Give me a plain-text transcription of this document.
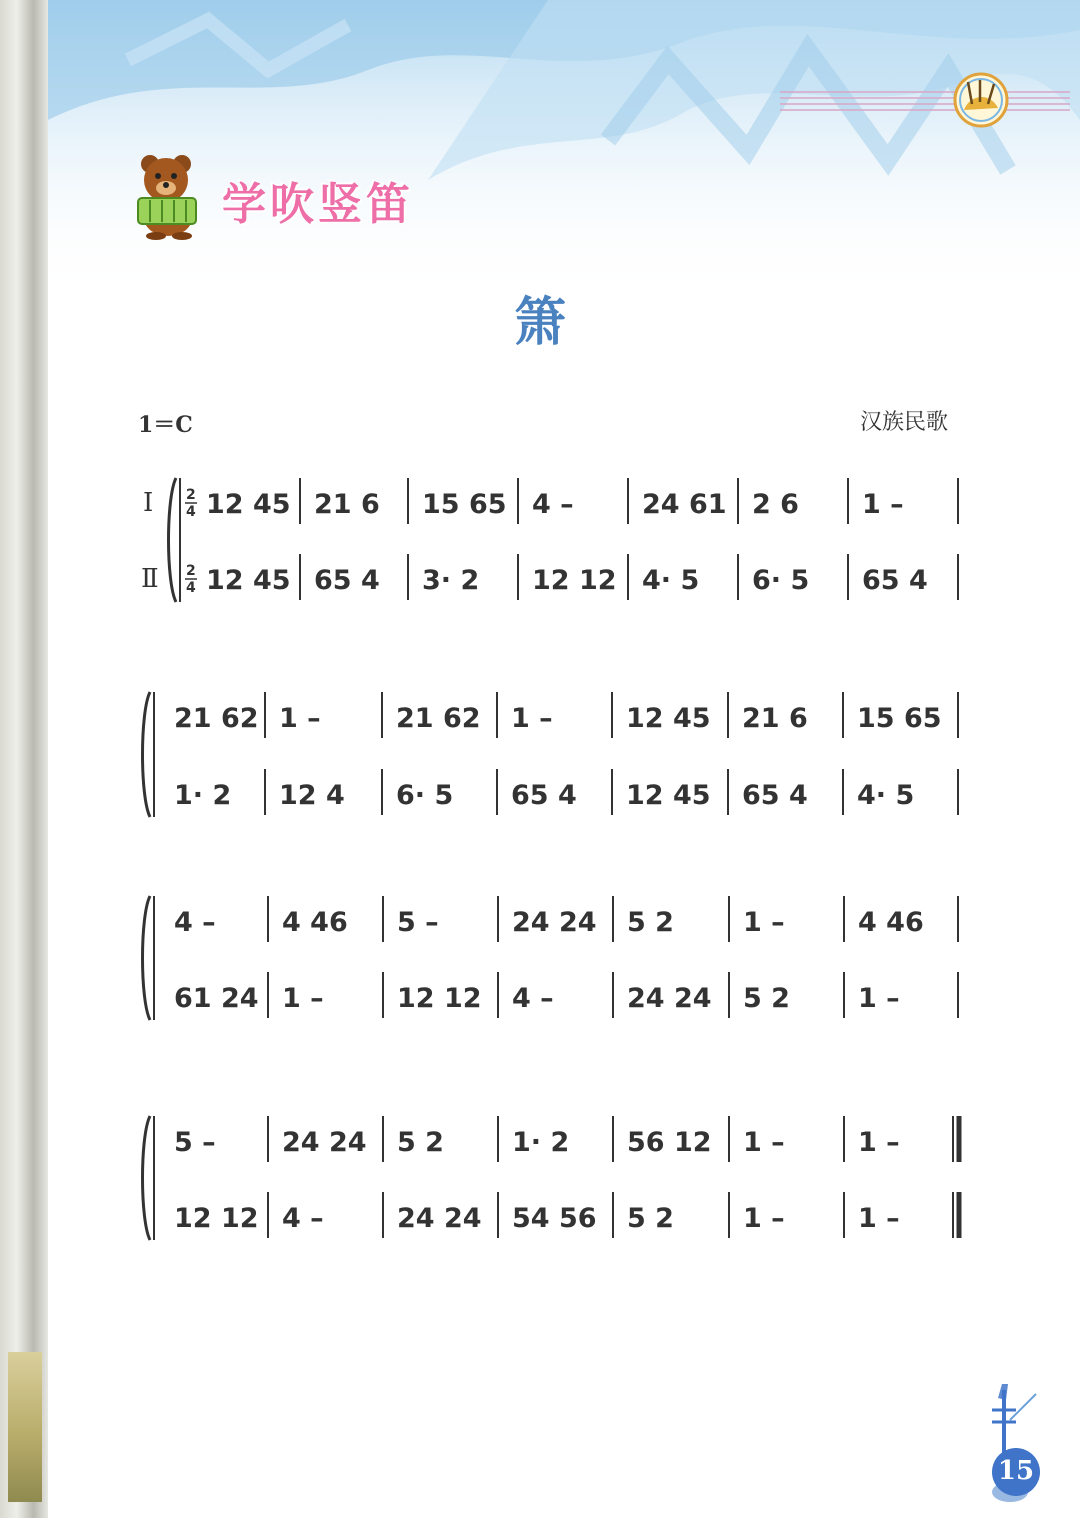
学吹竖笛
箫
1＝C	汉族民歌
Ⅰ
Ⅱ
2
4 12 45 21 6 15 65 4 –	24 61 2 6 1 –
2
4 12 45 65 4 3· 2 12 12 4· 5 6· 5 65 4
21 62 1 –	21 62 1 –	12 45 21 6 15 65
1· 2 12 4 6· 5 65 4 12 45 65 4 4· 5
4 – 4 46 5 –	24 24 5 2	1 –	4 46
61 24 1 –	12 12 4 –	24 24 5 2	1 –
5 – 24 24 5 2	1· 2 56 12 1 –	1 –
12 12 4 –	24 24 54 56 5 2	1 –	1 –
15
